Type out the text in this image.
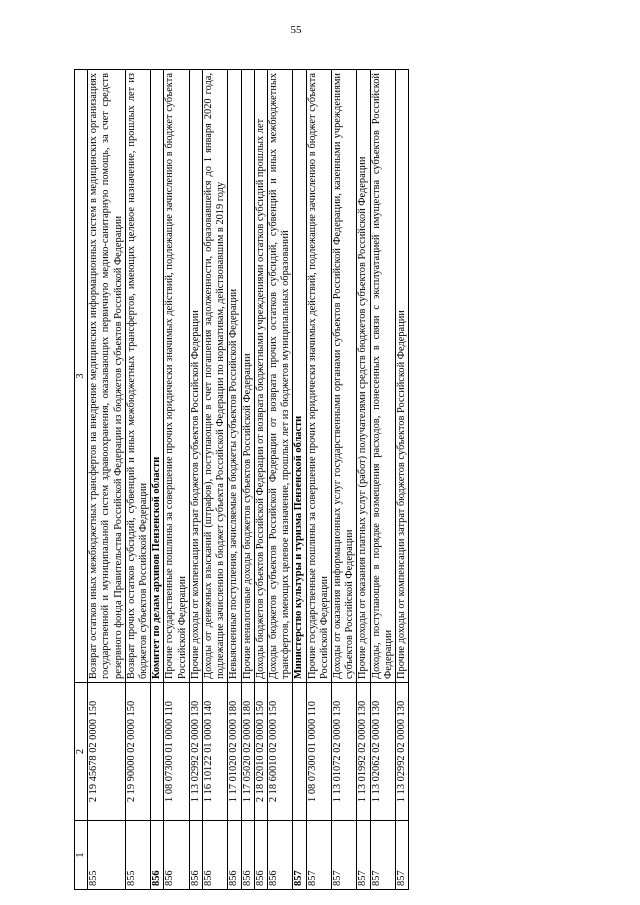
55
1	2	3
855	2 19 45678 02 0000 150	Возврат остатков иных межбюджетных трансфертов на внедрение медицинских информационных систем в медицинских организациях государственной и муниципальной систем здравоохранения, оказывающих первичную медико-санитарную помощь, за счет средств резервного фонда Правительства Российской Федерации из бюджетов субъектов Российской Федерации
855	2 19 90000 02 0000 150	Возврат прочих остатков субсидий, субвенций и иных межбюджетных трансфертов, имеющих целевое назначение, прошлых лет из бюджетов субъектов Российской Федерации
856		Комитет по делам архивов Пензенской области
856	1 08 07300 01 0000 110	Прочие государственные пошлины за совершение прочих юридически значимых действий, подлежащие зачислению в бюджет субъекта Российской Федерации
856	1 13 02992 02 0000 130	Прочие доходы от компенсации затрат бюджетов субъектов Российской Федерации
856	1 16 10122 01 0000 140	Доходы от денежных взысканий (штрафов), поступающие в счет погашения задолженности, образовавшейся до 1 января 2020 года, подлежащие зачислению в бюджет субъекта Российской Федерации по нормативам, действовавшим в 2019 году
856	1 17 01020 02 0000 180	Невыясненные поступления, зачисляемые в бюджеты субъектов Российской Федерации
856	1 17 05020 02 0000 180	Прочие неналоговые доходы бюджетов субъектов Российской Федерации
856	2 18 02010 02 0000 150	Доходы бюджетов субъектов Российской Федерации от возврата бюджетными учреждениями остатков субсидий прошлых лет
856	2 18 60010 02 0000 150	Доходы бюджетов субъектов Российской Федерации от возврата прочих остатков субсидий, субвенций и иных межбюджетных трансфертов, имеющих целевое назначение, прошлых лет из бюджетов муниципальных образований
857		Министерство культуры и туризма Пензенской области
857	1 08 07300 01 0000 110	Прочие государственные пошлины за совершение прочих юридически значимых действий, подлежащие зачислению в бюджет субъекта Российской Федерации
857	1 13 01072 02 0000 130	Доходы от оказания информационных услуг государственными органами субъектов Российской Федерации, казенными учреждениями субъектов Российской Федерации
857	1 13 01992 02 0000 130	Прочие доходы от оказания платных услуг (работ) получателями средств бюджетов субъектов Российской Федерации
857	1 13 02062 02 0000 130	Доходы, поступающие в порядке возмещения расходов, понесенных в связи с эксплуатацией имущества субъектов Российской Федерации
857	1 13 02992 02 0000 130	Прочие доходы от компенсации затрат бюджетов субъектов Российской Федерации
